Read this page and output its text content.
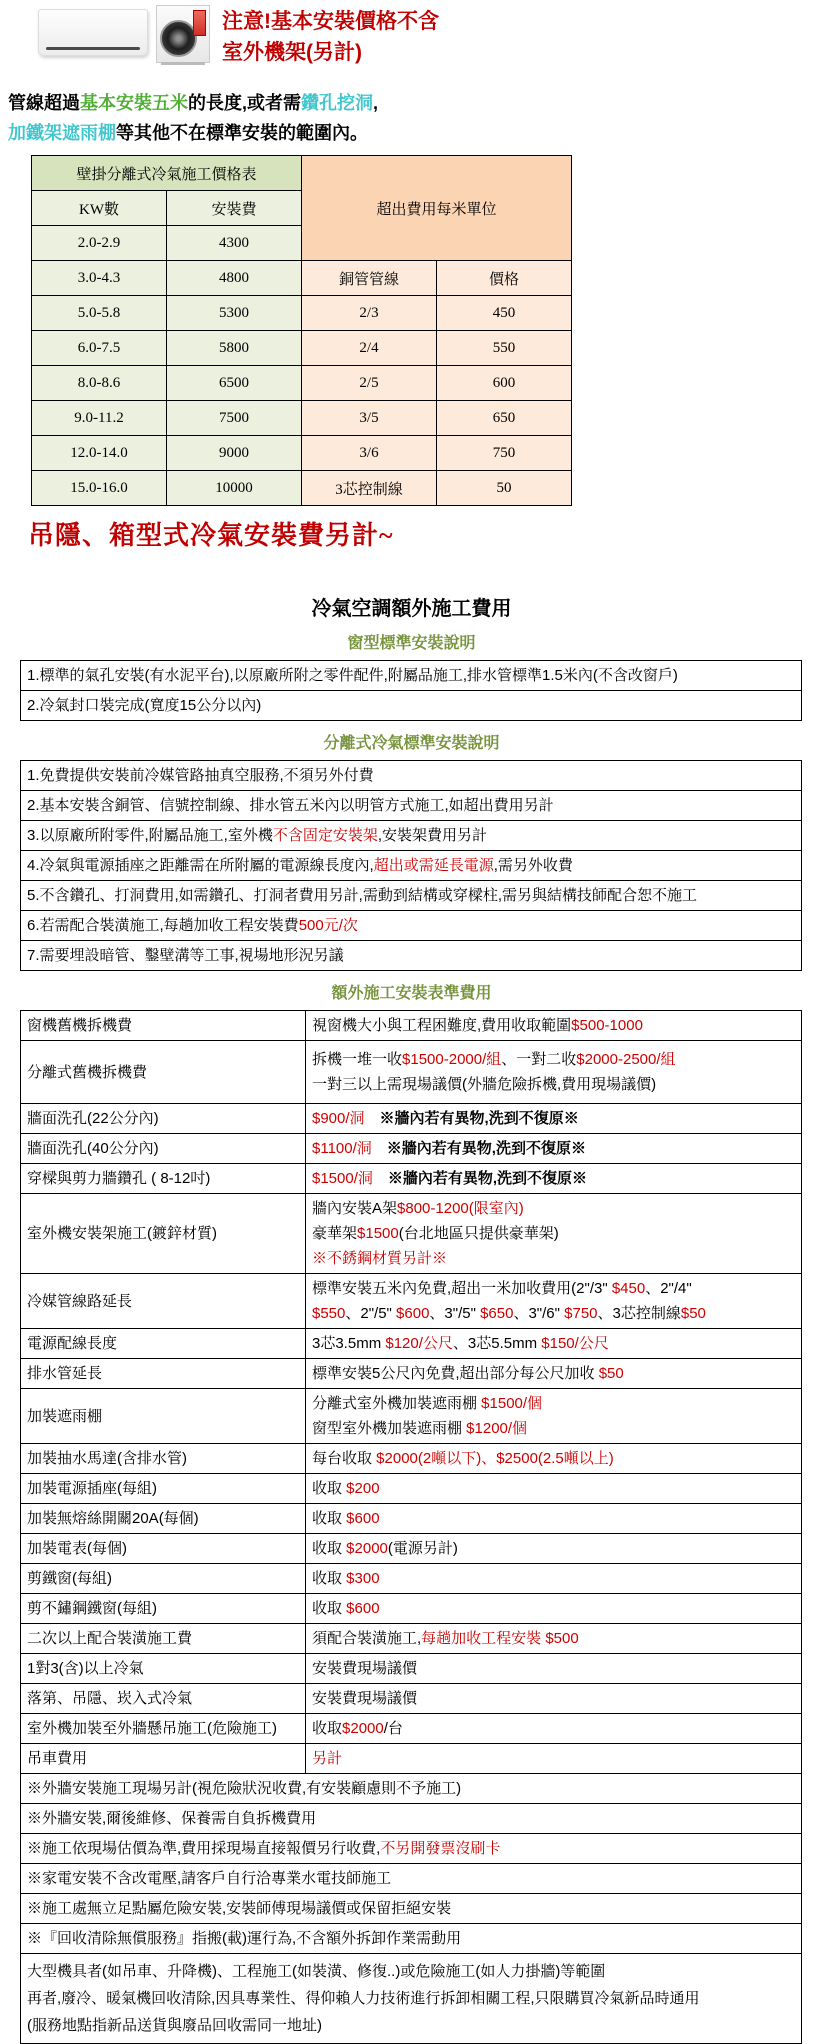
注意!基本安裝價格不含
室外機架(另計)
管線超過基本安裝五米的長度,或者需鑽孔挖洞,
加鐵架遮雨棚等其他不在標準安裝的範圍內。
壁掛分離式冷氣施工價格表		超出費用每米單位	
KW數	安裝費		
2.0-2.9	4300		
3.0-4.3	4800	銅管管線	價格
5.0-5.8	5300	2/3	450
6.0-7.5	5800	2/4	550
8.0-8.6	6500	2/5	600
9.0-11.2	7500	3/5	650
12.0-14.0	9000	3/6	750
15.0-16.0	10000	3芯控制線	50
吊隱、箱型式冷氣安裝費另計~
冷氣空調額外施工費用
窗型標準安裝說明
1.標準的氣孔安裝(有水泥平台),以原廠所附之零件配件,附屬品施工,排水管標準1.5米內(不含改窗戶)
2.冷氣封口裝完成(寬度15公分以內)
分離式冷氣標準安裝說明
1.免費提供安裝前冷媒管路抽真空服務,不須另外付費
2.基本安裝含銅管、信號控制線、排水管五米內以明管方式施工,如超出費用另計
3.以原廠所附零件,附屬品施工,室外機不含固定安裝架,安裝架費用另計
4.冷氣與電源插座之距離需在所附屬的電源線長度內,超出或需延長電源,需另外收費
5.不含鑽孔、打洞費用,如需鑽孔、打洞者費用另計,需動到結構或穿樑柱,需另與結構技師配合恕不施工
6.若需配合裝潢施工,每趟加收工程安裝費500元/次
7.需要埋設暗管、鑿壁溝等工事,視場地形況另議
額外施工安裝表準費用
窗機舊機拆機費	視窗機大小與工程困難度,費用收取範圍$500-1000

分離式舊機拆機費	拆機一堆一收$1500-2000/組、一對二收$2000-2500/組
一對三以上需現場議價(外牆危險拆機,費用現場議價)

牆面洗孔(22公分內)	$900/洞　※牆內若有異物,洗到不復原※

牆面洗孔(40公分內)	$1100/洞　※牆內若有異物,洗到不復原※

穿樑與剪力牆鑽孔 ( 8-12吋)	$1500/洞　※牆內若有異物,洗到不復原※

室外機安裝架施工(鍍鋅材質)	牆內安裝A架$800-1200(限室內)
豪華架$1500(台北地區只提供豪華架)
※不銹鋼材質另計※

冷媒管線路延長	標準安裝五米內免費,超出一米加收費用(2"/3" $450、2"/4"
$550、2"/5" $600、3"/5" $650、3"/6" $750、3芯控制線$50

電源配線長度	3芯3.5mm $120/公尺、3芯5.5mm $150/公尺

排水管延長	標準安裝5公尺內免費,超出部分每公尺加收 $50

加裝遮雨棚	分離式室外機加裝遮雨棚 $1500/個
窗型室外機加裝遮雨棚 $1200/個

加裝抽水馬達(含排水管)	每台收取 $2000(2噸以下)、$2500(2.5噸以上)

加裝電源插座(每組)	收取 $200

加裝無熔絲開關20A(每個)	收取 $600

加裝電表(每個)	收取 $2000(電源另計)

剪鐵窗(每組)	收取 $300

剪不鏽鋼鐵窗(每組)	收取 $600

二次以上配合裝潢施工費	須配合裝潢施工,每趟加收工程安裝 $500

1對3(含)以上冷氣	安裝費現場議價

落第、吊隱、崁入式冷氣	安裝費現場議價

室外機加裝至外牆懸吊施工(危險施工)	收取$2000/台

吊車費用	另計

※外牆安裝施工現場另計(視危險狀況收費,有安裝顧慮則不予施工)	
※外牆安裝,爾後維修、保養需自負拆機費用	
※施工依現場估價為準,費用採現場直接報價另行收費,不另開發票沒刷卡	
※家電安裝不含改電壓,請客戶自行洽專業水電技師施工	
※施工處無立足點屬危險安裝,安裝師傅現場議價或保留拒絕安裝	
※『回收清除無償服務』指搬(載)運行為,不含額外拆卸作業需動用	

大型機具者(如吊車、升降機)、工程施工(如裝潢、修復..)或危險施工(如人力掛牆)等範圍
再者,廢冷、暖氣機回收清除,因具專業性、得仰賴人力技術進行拆卸相關工程,只限購買冷氣新品時通用
(服務地點指新品送貨與廢品回收需同一地址)	
